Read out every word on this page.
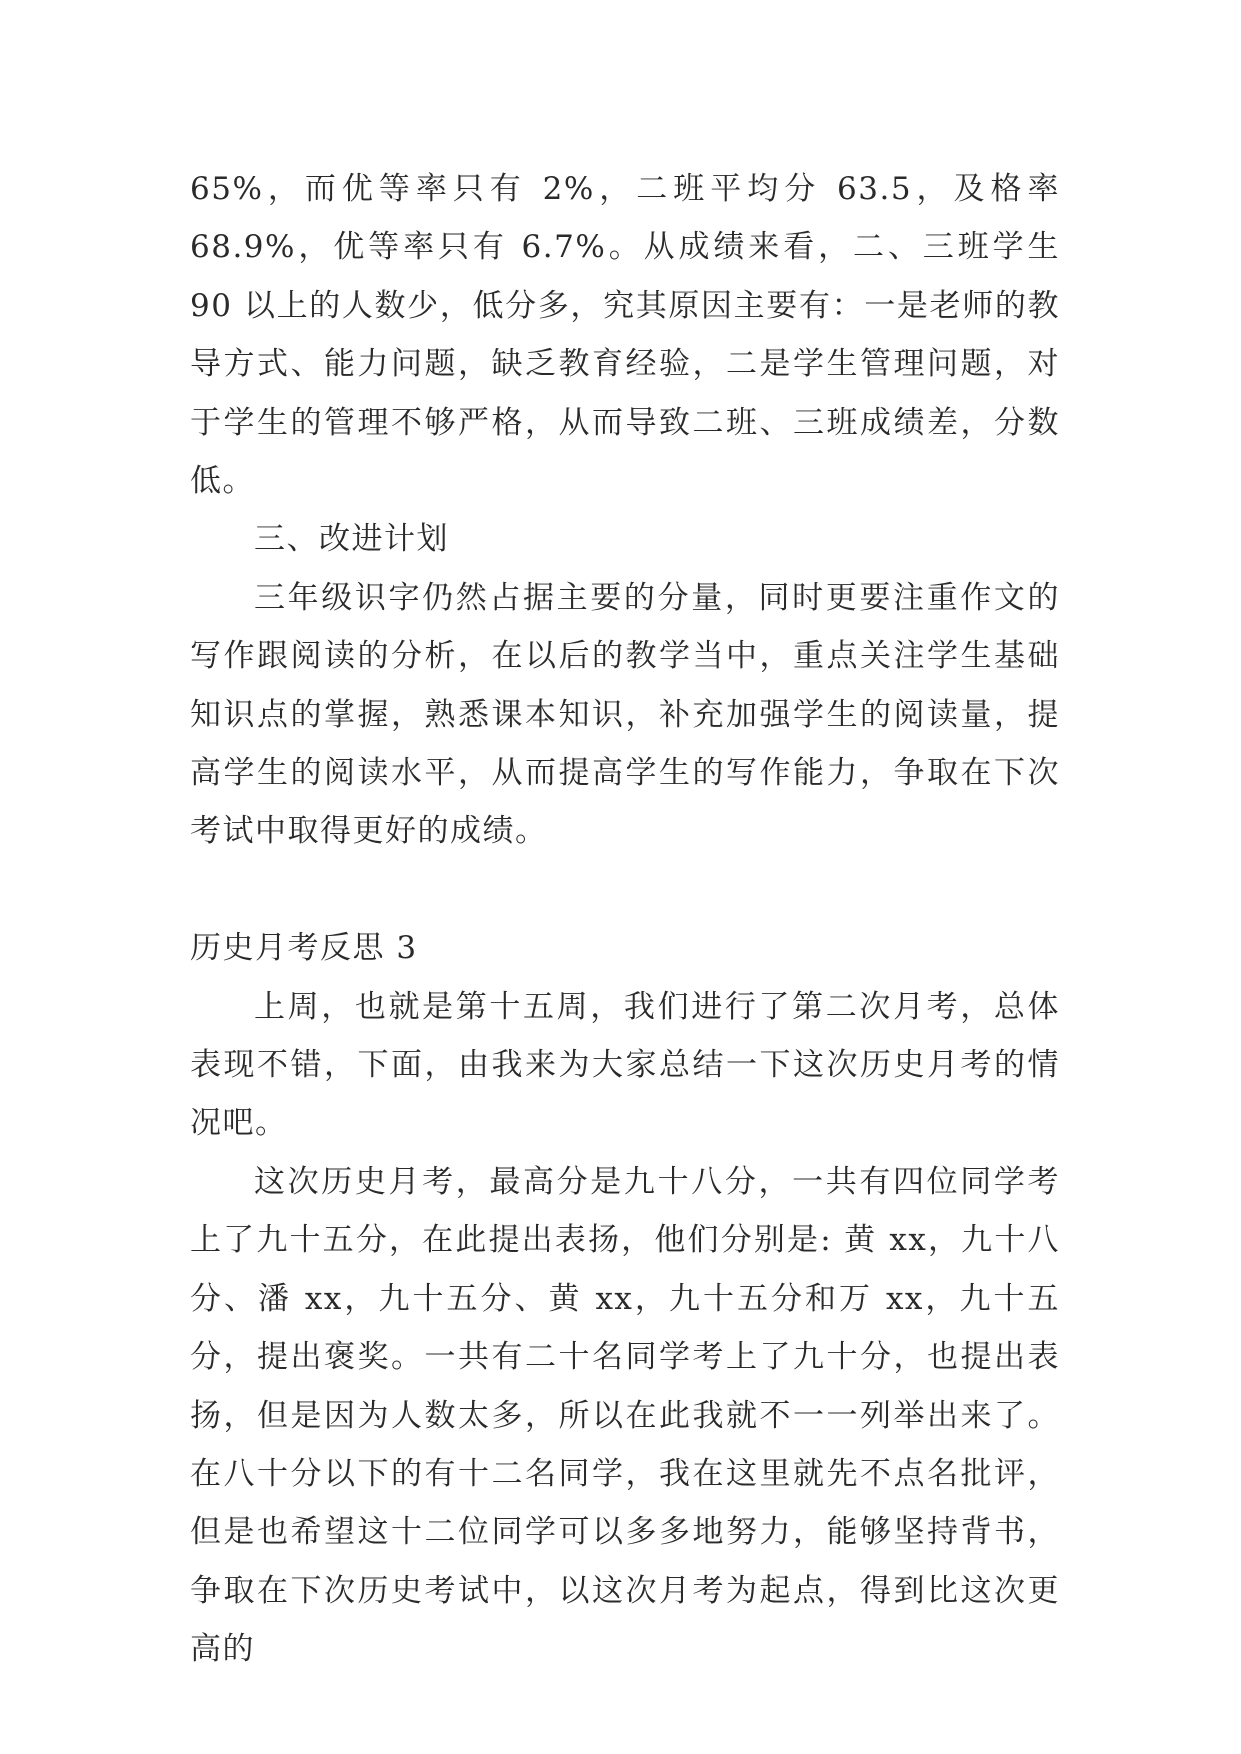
65%，而优等率只有 2%，二班平均分 63.5，及格率 68.9%，优等率只有 6.7%。从成绩来看，二、三班学生 90 以上的人数少，低分多，究其原因主要有：一是老师的教导方式、能力问题，缺乏教育经验，二是学生管理问题，对于学生的管理不够严格，从而导致二班、三班成绩差，分数低。

三、改进计划

三年级识字仍然占据主要的分量，同时更要注重作文的写作跟阅读的分析，在以后的教学当中，重点关注学生基础知识点的掌握，熟悉课本知识，补充加强学生的阅读量，提高学生的阅读水平，从而提高学生的写作能力，争取在下次考试中取得更好的成绩。

历史月考反思 3

上周，也就是第十五周，我们进行了第二次月考，总体表现不错，下面，由我来为大家总结一下这次历史月考的情况吧。

这次历史月考，最高分是九十八分，一共有四位同学考上了九十五分，在此提出表扬，他们分别是: 黄 xx，九十八分、潘 xx，九十五分、黄 xx，九十五分和万 xx，九十五分，提出褒奖。一共有二十名同学考上了九十分，也提出表扬，但是因为人数太多，所以在此我就不一一列举出来了。在八十分以下的有十二名同学，我在这里就先不点名批评，但是也希望这十二位同学可以多多地努力，能够坚持背书，争取在下次历史考试中，以这次月考为起点，得到比这次更高的
